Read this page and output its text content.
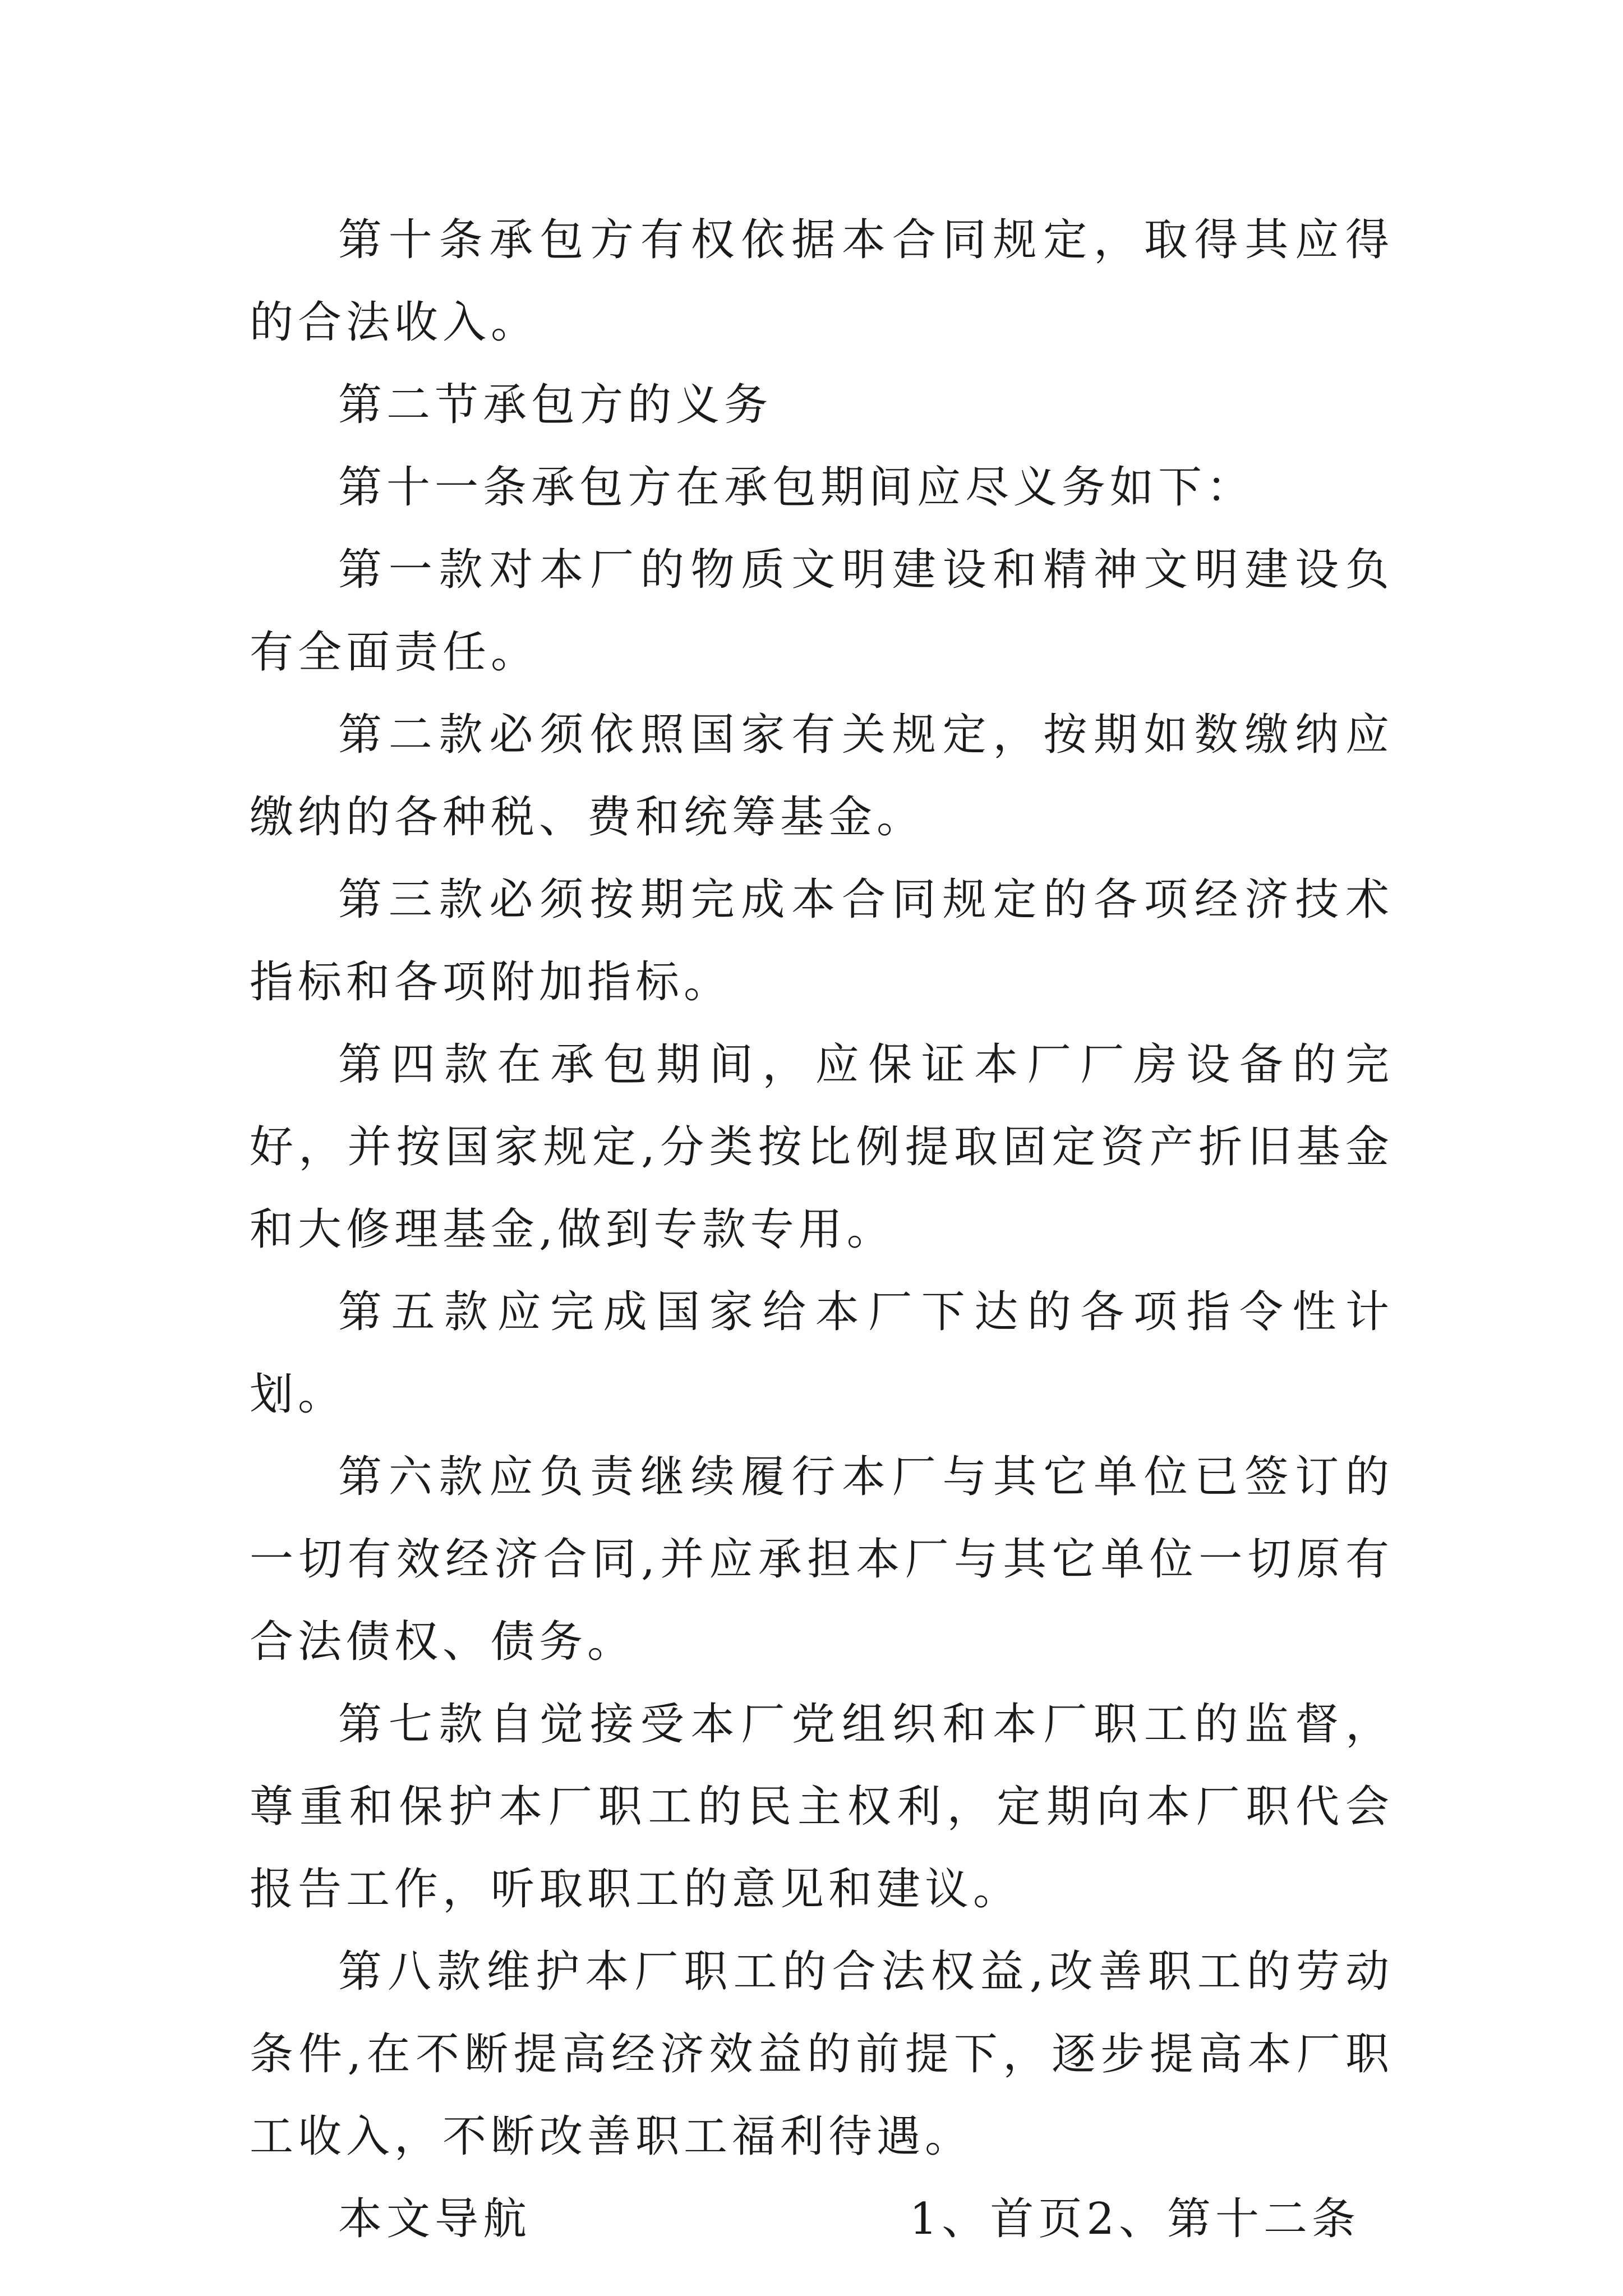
第十条承包方有权依据本合同规定，取得其应得的合法收入。

第二节承包方的义务

第十一条承包方在承包期间应尽义务如下：

第一款对本厂的物质文明建设和精神文明建设负有全面责任。

第二款必须依照国家有关规定，按期如数缴纳应缴纳的各种税、费和统筹基金。

第三款必须按期完成本合同规定的各项经济技术指标和各项附加指标。

第四款在承包期间，应保证本厂厂房设备的完好，并按国家规定,分类按比例提取固定资产折旧基金和大修理基金,做到专款专用。

第五款应完成国家给本厂下达的各项指令性计划。

第六款应负责继续履行本厂与其它单位已签订的一切有效经济合同,并应承担本厂与其它单位一切原有合法债权、债务。

第七款自觉接受本厂党组织和本厂职工的监督，尊重和保护本厂职工的民主权利，定期向本厂职代会报告工作，听取职工的意见和建议。

第八款维护本厂职工的合法权益,改善职工的劳动条件,在不断提高经济效益的前提下，逐步提高本厂职工收入，不断改善职工福利待遇。

本文导航	1、首页 2、第十二条
